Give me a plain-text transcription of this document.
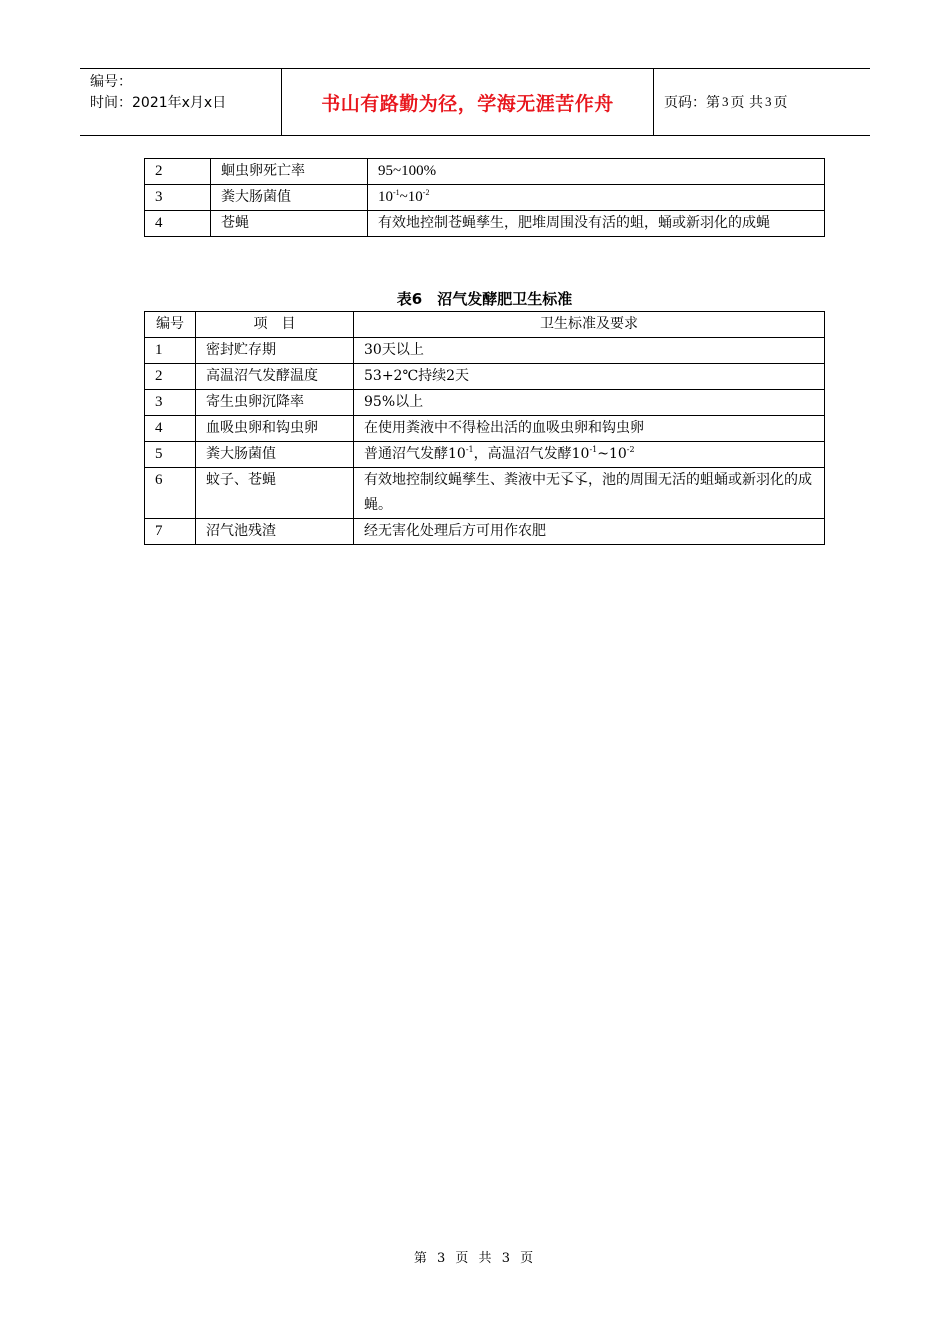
编号：
时间：2021年x月x日	书山有路勤为径，学海无涯苦作舟	页码：第 3 页 共 3 页
2	蛔虫卵死亡率	95~100%
3	粪大肠菌值	$10^{-1}\sim 10^{-2}$
4	苍蝇	有效地控制苍蝇孳生，肥堆周围没有活的蛆，蛹或新羽化的成蝇
表6　沼气发酵肥卫生标准
编号	项　目	卫生标准及要求
1	密封贮存期	30天以上
2	高温沼气发酵温度	53+2℃持续2天
3	寄生虫卵沉降率	95%以上
4	血吸虫卵和钩虫卵	在使用粪液中不得检出活的血吸虫卵和钩虫卵
5	粪大肠菌值	普通沼气发酵$10^{-1}$，高温沼气发酵$10^{-1}\sim 10^{-2}$
6	蚊子、苍蝇	有效地控制纹蝇孳生、粪液中无孓孓，池的周围无活的蛆蛹或新羽化的成蝇。
7	沼气池残渣	经无害化处理后方可用作农肥
第 3 页 共 3 页
